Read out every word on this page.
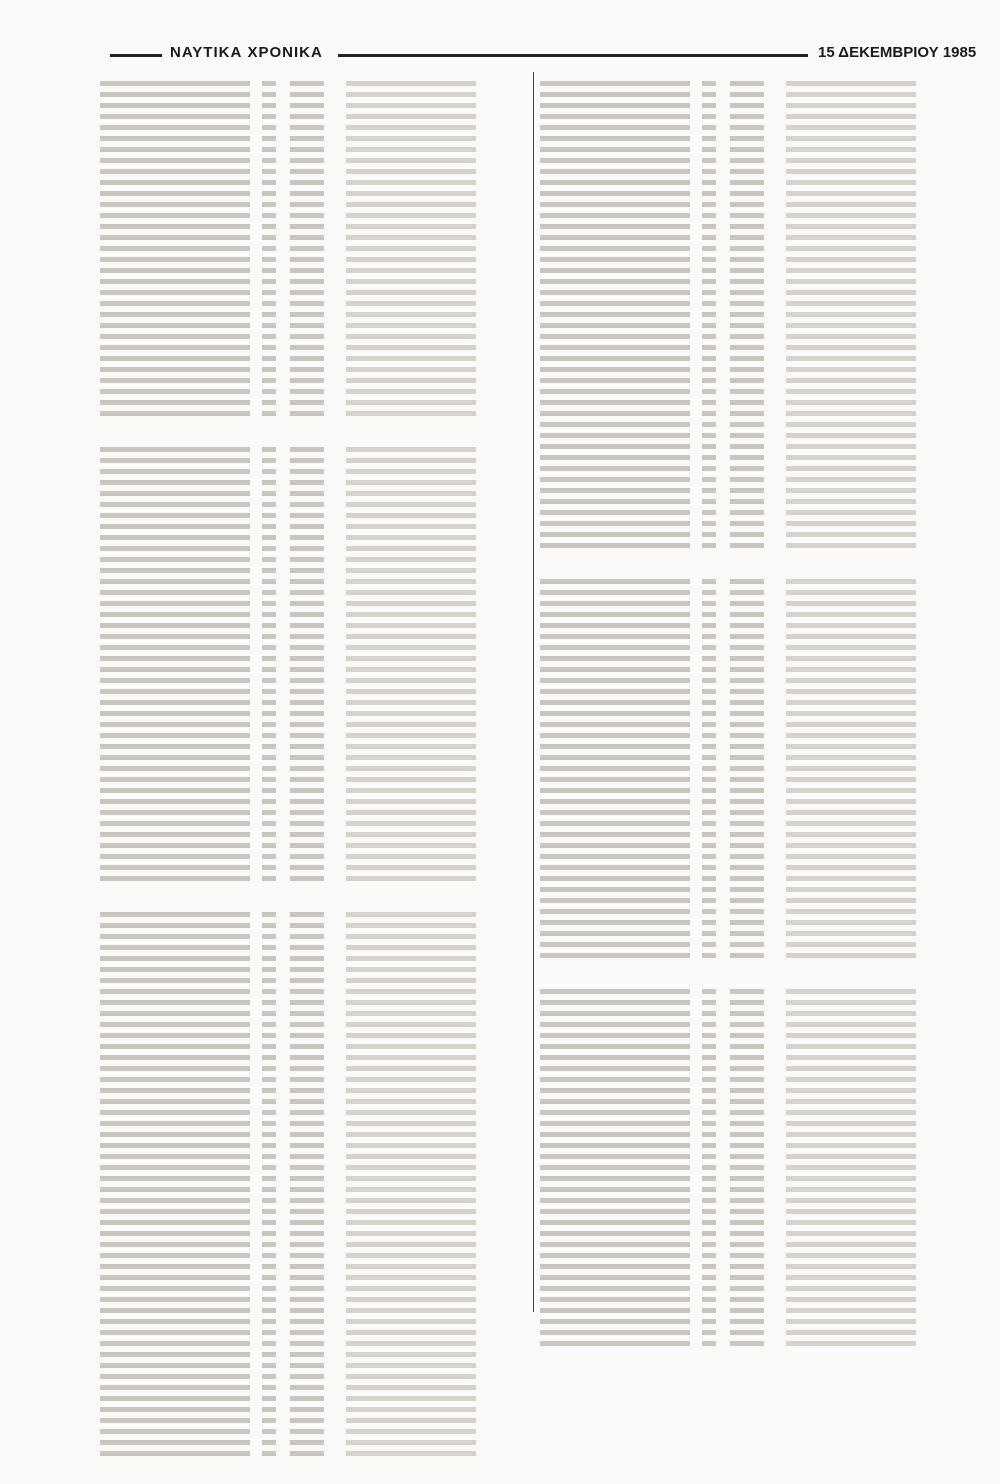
ΝΑΥΤΙΚΑ ΧΡΟΝΙΚΑ	15 ΔΕΚΕΜΒΡΙΟΥ 1985
